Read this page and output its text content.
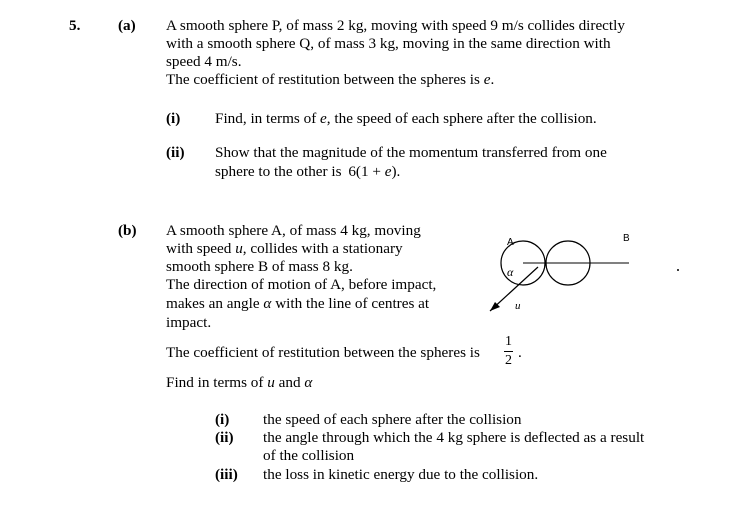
5. (a) A smooth sphere P, of mass 2 kg, moving with speed 9 m/s collides directly
with a smooth sphere Q, of mass 3 kg, moving in the same direction with
speed 4 m/s.
The coefficient of restitution between the spheres is e.
(i) Find, in terms of e, the speed of each sphere after the collision.
(ii) Show that the magnitude of the momentum transferred from one
sphere to the other is 6(1 + e).
(b) A smooth sphere A, of mass 4 kg, moving
with speed u, collides with a stationary
smooth sphere B of mass 8 kg.
The direction of motion of A, before impact,
makes an angle α with the line of centres at
impact.
A	B
α
u
The coefficient of restitution between the spheres is
1
2 .
Find in terms of u and α
(i) the speed of each sphere after the collision
(ii) the angle through which the 4 kg sphere is deflected as a result
of the collision
(iii) the loss in kinetic energy due to the collision.
